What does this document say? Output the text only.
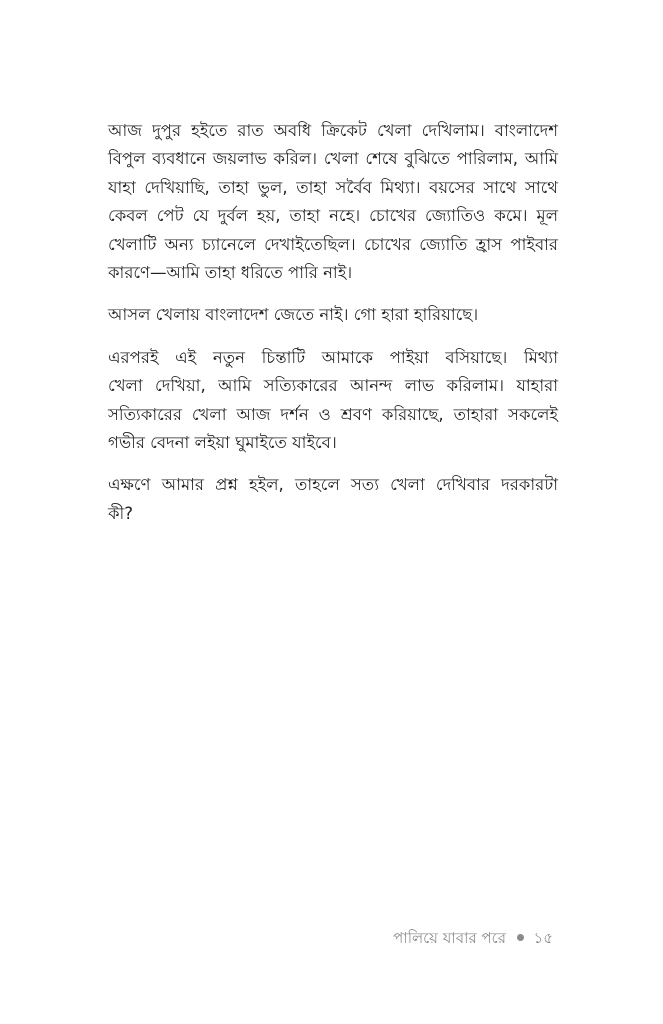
আজ দুপুর হইতে রাত অবধি ক্রিকেট খেলা দেখিলাম। বাংলাদেশ
বিপুল ব্যবধানে জয়লাভ করিল। খেলা শেষে বুঝিতে পারিলাম, আমি
যাহা দেখিয়াছি, তাহা ভুল, তাহা সর্বৈব মিথ্যা। বয়সের সাথে সাথে
কেবল পেট যে দুর্বল হয়, তাহা নহে। চোখের জ্যোতিও কমে। মূল
খেলাটি অন্য চ্যানেলে দেখাইতেছিল। চোখের জ্যোতি হ্রাস পাইবার
কারণে—আমি তাহা ধরিতে পারি নাই।

আসল খেলায় বাংলাদেশ জেতে নাই। গো হারা হারিয়াছে।

এরপরই এই নতুন চিন্তাটি আমাকে পাইয়া বসিয়াছে। মিথ্যা
খেলা দেখিয়া, আমি সত্যিকারের আনন্দ লাভ করিলাম। যাহারা
সত্যিকারের খেলা আজ দর্শন ও শ্রবণ করিয়াছে, তাহারা সকলেই
গভীর বেদনা লইয়া ঘুমাইতে যাইবে।

এক্ষণে আমার প্রশ্ন হইল, তাহলে সত্য খেলা দেখিবার দরকারটা
কী?

পালিয়ে যাবার পরে ১৫
